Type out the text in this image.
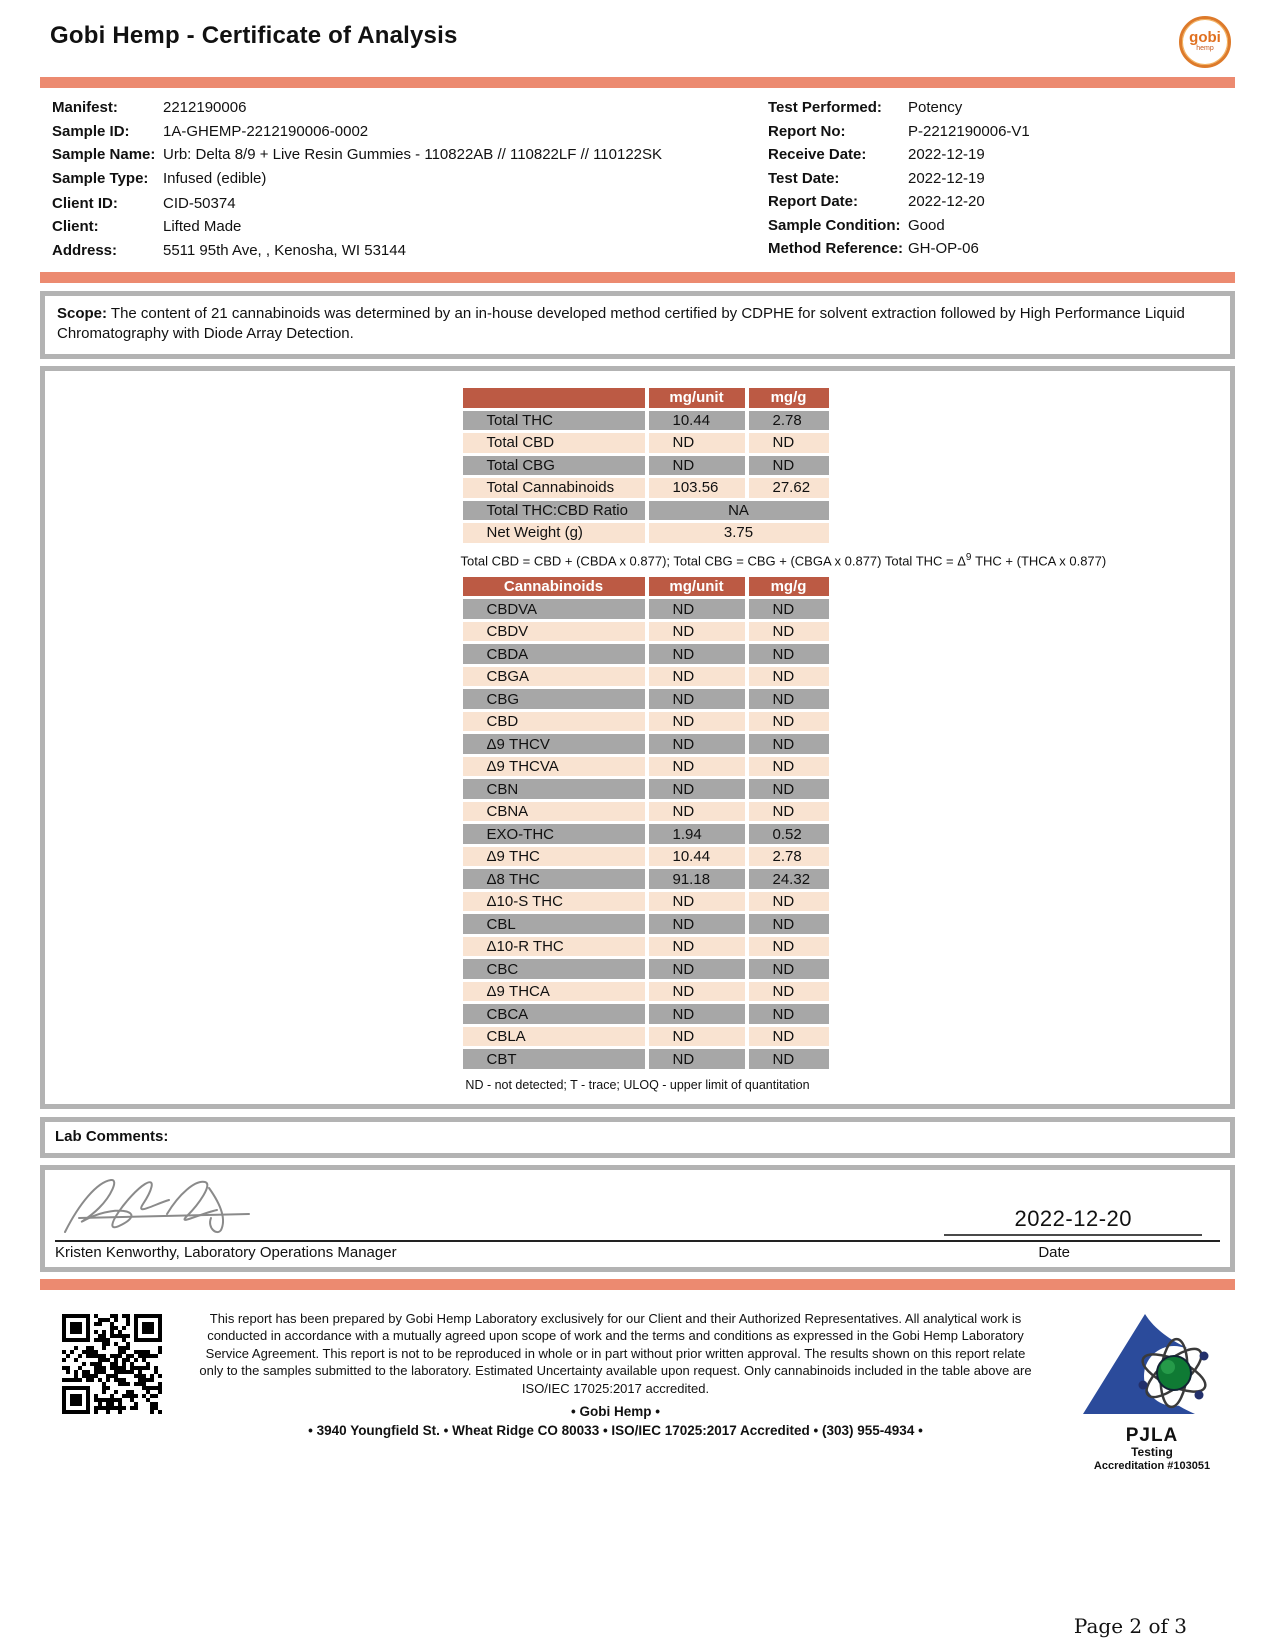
Gobi Hemp - Certificate of Analysis	gobi
hemp
Manifest:	2212190006
Sample ID:	1A-GHEMP-2212190006-0002
Sample Name: Urb: Delta 8/9 + Live Resin Gummies - 110822AB // 110822LF // 110122SK
Sample Type: Infused (edible)
Client ID:	CID-50374
Client:	Lifted Made
Address:	5511 95th Ave, , Kenosha, WI 53144
Test Performed:	Potency
Report No:	P-2212190006-V1
Receive Date:	2022-12-19
Test Date:	2022-12-19
Report Date:	2022-12-20
Sample Condition: Good
Method Reference: GH-OP-06
Scope: The content of 21 cannabinoids was determined by an in-house developed method certified by CDPHE for solvent extraction followed by High Performance Liquid Chromatography with Diode Array Detection.
	mg/unit	mg/g
Total THC	10.44	2.78
Total CBD	ND	ND
Total CBG	ND	ND
Total Cannabinoids	103.56	27.62
Total THC:CBD Ratio	NA	
Net Weight (g)	3.75	
Total CBD = CBD + (CBDA x 0.877); Total CBG = CBG + (CBGA x 0.877) Total THC = $\Delta^9$ THC + (THCA x 0.877)
Cannabinoids	mg/unit	mg/g
CBDVA	ND	ND
CBDV	ND	ND
CBDA	ND	ND
CBGA	ND	ND
CBG	ND	ND
CBD	ND	ND
Δ9 THCV	ND	ND
Δ9 THCVA	ND	ND
CBN	ND	ND
CBNA	ND	ND
EXO-THC	1.94	0.52
Δ9 THC	10.44	2.78
Δ8 THC	91.18	24.32
Δ10-S THC	ND	ND
CBL	ND	ND
Δ10-R THC	ND	ND
CBC	ND	ND
Δ9 THCA	ND	ND
CBCA	ND	ND
CBLA	ND	ND
CBT	ND	ND
ND - not detected; T - trace; ULOQ - upper limit of quantitation
Lab Comments:
2022-12-20
Kristen Kenworthy, Laboratory Operations Manager	Date
This report has been prepared by Gobi Hemp Laboratory exclusively for our Client and their Authorized Representatives. All analytical work is conducted in accordance with a mutually agreed upon scope of work and the terms and conditions as expressed in the Gobi Hemp Laboratory Service Agreement. This report is not to be reproduced in whole or in part without prior written approval. The results shown on this report relate only to the samples submitted to the laboratory. Estimated Uncertainty available upon request. Only cannabinoids included in the table above are ISO/IEC 17025:2017 accredited.
• Gobi Hemp •
• 3940 Youngfield St. • Wheat Ridge CO 80033 • ISO/IEC 17025:2017 Accredited • (303) 955-4934 •	PJLA
Testing
Accreditation #103051
Page 2 of 3
